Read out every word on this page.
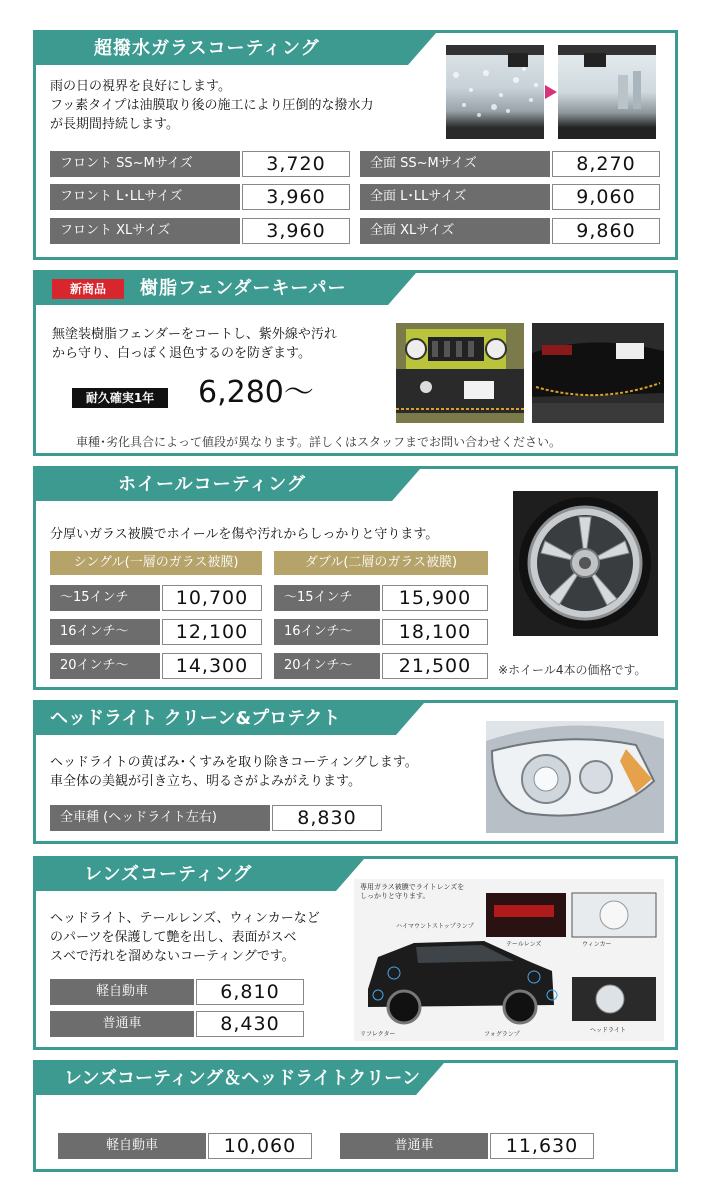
超撥水ガラスコーティング
雨の日の視界を良好にします。
フッ素タイプは油膜取り後の施工により圧倒的な撥水力
が長期間持続します。
フロント SS~Mサイズ	3,720
フロント L･LLサイズ	3,960
フロント XLサイズ	3,960
全面 SS~Mサイズ	8,270
全面 L･LLサイズ	9,060
全面 XLサイズ	9,860
新商品	樹脂フェンダーキーパー
無塗装樹脂フェンダーをコートし、紫外線や汚れ
から守り、白っぽく退色するのを防ぎます。
耐久確実1年	6,280～
車種･劣化具合によって値段が異なります。詳しくはスタッフまでお問い合わせください。
ホイールコーティング
分厚いガラス被膜でホイールを傷や汚れからしっかりと守ります。
シングル(一層のガラス被膜)	ダブル(二層のガラス被膜)
～15インチ	10,700
16インチ～	12,100
20インチ～	14,300
～15インチ	15,900
16インチ～	18,100
20インチ～	21,500	※ホイール4本の価格です。
ヘッドライト クリーン&プロテクト
ヘッドライトの黄ばみ･くすみを取り除きコーティングします。
車全体の美観が引き立ち、明るさがよみがえります。
全車種 (ヘッドライト左右)	8,830
レンズコーティング
ヘッドライト、テールレンズ、ウィンカーなど
のパーツを保護して艶を出し、表面がスベ
スベで汚れを溜めないコーティングです。
軽自動車	6,810
普通車	8,430
専用ガラス被膜でライトレンズを
しっかりと守ります。
ハイマウントストップランプ
テールレンズ	ウィンカー
リフレクター	フォグランプ
ヘッドライト
レンズコーティング＆ヘッドライトクリーン
軽自動車	10,060	普通車	11,630
